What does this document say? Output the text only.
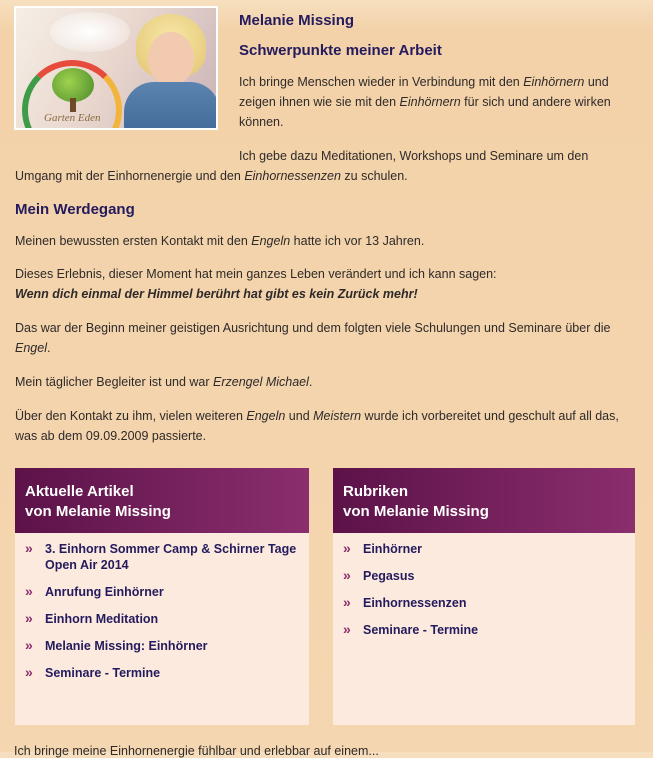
Garten Eden
Melanie Missing
Schwerpunkte meiner Arbeit
Ich bringe Menschen wieder in Verbindung mit den Einhörnern und zeigen ihnen wie sie mit den Einhörnern für sich und andere wirken können.
Ich gebe dazu Meditationen, Workshops und Seminare um den Umgang mit der Einhornenergie und den Einhornessenzen zu schulen.
Mein Werdegang
Meinen bewussten ersten Kontakt mit den Engeln hatte ich vor 13 Jahren.
Dieses Erlebnis, dieser Moment hat mein ganzes Leben verändert und ich kann sagen:
Wenn dich einmal der Himmel berührt hat gibt es kein Zurück mehr!
Das war der Beginn meiner geistigen Ausrichtung und dem folgten viele Schulungen und Seminare über die Engel.
Mein täglicher Begleiter ist und war Erzengel Michael.
Über den Kontakt zu ihm, vielen weiteren Engeln und Meistern wurde ich vorbereitet und geschult auf all das, was ab dem 09.09.2009 passierte.
Aktuelle Artikel
von Melanie Missing
» 3. Einhorn Sommer Camp & Schirner Tage Open Air 2014
» Anrufung Einhörner
» Einhorn Meditation
» Melanie Missing: Einhörner
» Seminare - Termine
Rubriken
von Melanie Missing
» Einhörner
» Pegasus
» Einhornessenzen
» Seminare - Termine
Ich bringe meine Einhornenergie fühlbar und erlebbar auf einem...
